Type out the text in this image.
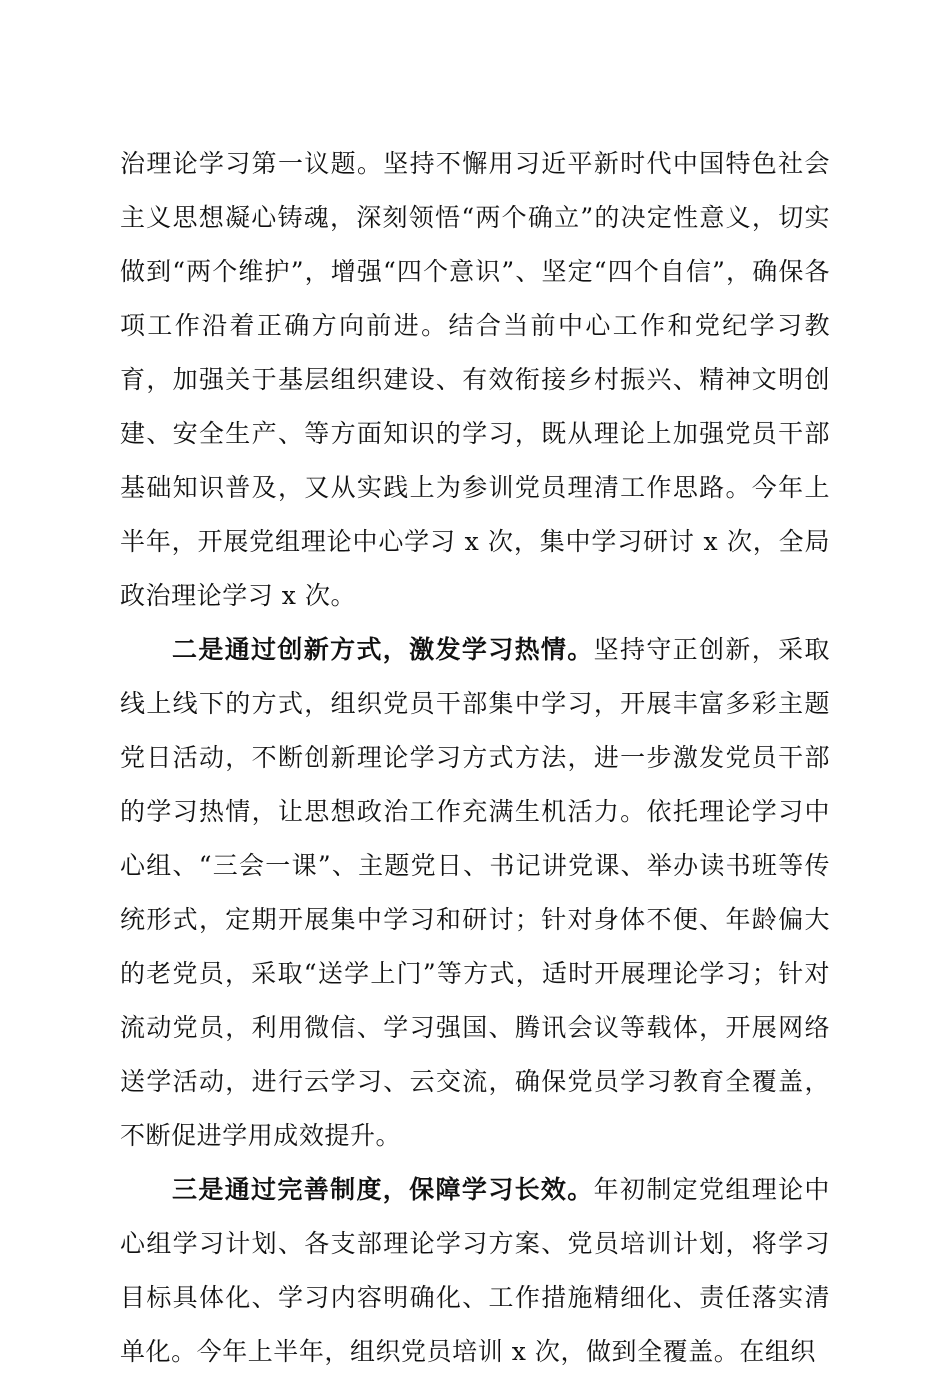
治理论学习第一议题。坚持不懈用习近平新时代中国特色社会主义思想凝心铸魂，深刻领悟“两个确立”的决定性意义，切实做到“两个维护”，增强“四个意识”、坚定“四个自信”，确保各项工作沿着正确方向前进。结合当前中心工作和党纪学习教育，加强关于基层组织建设、有效衔接乡村振兴、精神文明创建、安全生产、等方面知识的学习，既从理论上加强党员干部基础知识普及，又从实践上为参训党员理清工作思路。今年上半年，开展党组理论中心学习 x 次，集中学习研讨 x 次，全局政治理论学习 x 次。

二是通过创新方式，激发学习热情。坚持守正创新，采取线上线下的方式，组织党员干部集中学习，开展丰富多彩主题党日活动，不断创新理论学习方式方法，进一步激发党员干部的学习热情，让思想政治工作充满生机活力。依托理论学习中心组、“三会一课”、主题党日、书记讲党课、举办读书班等传统形式，定期开展集中学习和研讨；针对身体不便、年龄偏大的老党员，采取“送学上门”等方式，适时开展理论学习；针对流动党员，利用微信、学习强国、腾讯会议等载体，开展网络送学活动，进行云学习、云交流，确保党员学习教育全覆盖，不断促进学用成效提升。

三是通过完善制度，保障学习长效。年初制定党组理论中心组学习计划、各支部理论学习方案、党员培训计划，将学习目标具体化、学习内容明确化、工作措施精细化、责任落实清单化。今年上半年，组织党员培训 x 次，做到全覆盖。在组织
